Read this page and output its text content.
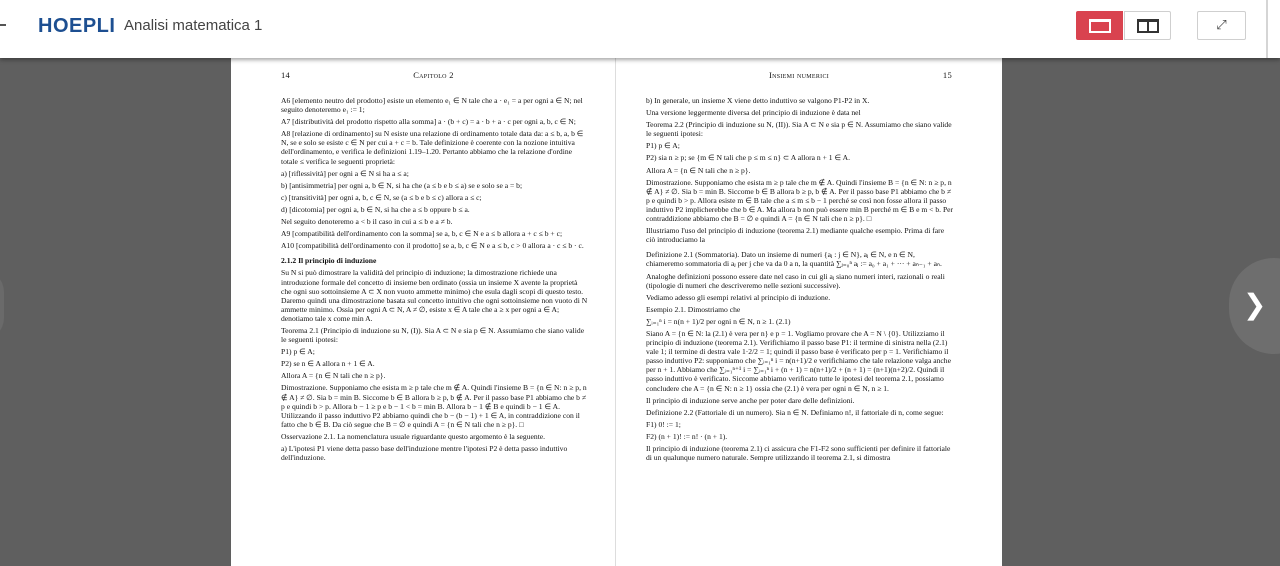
HOEPLI Analisi matematica 1	⤢
14	Capitolo 2

A6 [elemento neutro del prodotto] esiste un elemento e₁ ∈ N tale che a · e₁ = a per ogni a ∈ N; nel seguito denoteremo e₁ := 1;

A7 [distributività del prodotto rispetto alla somma] a · (b + c) = a · b + a · c per ogni a, b, c ∈ N;

A8 [relazione di ordinamento] su N esiste una relazione di ordinamento totale data da: a ≤ b, a, b ∈ N, se e solo se esiste c ∈ N per cui a + c = b. Tale definizione è coerente con la nozione intuitiva dell'ordinamento, e verifica le definizioni 1.19–1.20. Pertanto abbiamo che la relazione d'ordine totale ≤ verifica le seguenti proprietà:

a) [riflessività] per ogni a ∈ N si ha a ≤ a;

b) [antisimmetria] per ogni a, b ∈ N, si ha che (a ≤ b e b ≤ a) se e solo se a = b;

c) [transitività] per ogni a, b, c ∈ N, se (a ≤ b e b ≤ c) allora a ≤ c;

d) [dicotomia] per ogni a, b ∈ N, si ha che a ≤ b oppure b ≤ a.

Nel seguito denoteremo a < b il caso in cui a ≤ b e a ≠ b.

A9 [compatibilità dell'ordinamento con la somma] se a, b, c ∈ N e a ≤ b allora a + c ≤ b + c;

A10 [compatibilità dell'ordinamento con il prodotto] se a, b, c ∈ N e a ≤ b, c > 0 allora a · c ≤ b · c.

2.1.2 Il principio di induzione

Su N si può dimostrare la validità del principio di induzione; la dimostrazione richiede una introduzione formale del concetto di insieme ben ordinato (ossia un insieme X avente la proprietà che ogni suo sottoinsieme A ⊂ X non vuoto ammette minimo) che esula dagli scopi di questo testo. Daremo quindi una dimostrazione basata sul concetto intuitivo che ogni sottoinsieme non vuoto di N ammette minimo. Ossia per ogni A ⊂ N, A ≠ ∅, esiste x ∈ A tale che a ≥ x per ogni a ∈ A; denotiamo tale x come min A.

Teorema 2.1 (Principio di induzione su N, (I)). Sia A ⊂ N e sia p ∈ N. Assumiamo che siano valide le seguenti ipotesi:

P1) p ∈ A;

P2) se n ∈ A allora n + 1 ∈ A.

Allora A = {n ∈ N tali che n ≥ p}.

Dimostrazione. Supponiamo che esista m ≥ p tale che m ∉ A. Quindi l'insieme B = {n ∈ N: n ≥ p, n ∉ A} ≠ ∅. Sia b = min B. Siccome b ∈ B allora b ≥ p, b ∉ A. Per il passo base P1 abbiamo che b ≠ p e quindi b > p. Allora b − 1 ≥ p e b − 1 < b = min B. Allora b − 1 ∉ B e quindi b − 1 ∈ A. Utilizzando il passo induttivo P2 abbiamo quindi che b − (b − 1) + 1 ∈ A, in contraddizione con il fatto che b ∈ B. Da ciò segue che B = ∅ e quindi A = {n ∈ N tali che n ≥ p}. □

Osservazione 2.1. La nomenclatura usuale riguardante questo argomento è la seguente.

a) L'ipotesi P1 viene detta passo base dell'induzione mentre l'ipotesi P2 è detta passo induttivo dell'induzione.

Insiemi numerici	15

b) In generale, un insieme X viene detto induttivo se valgono P1-P2 in X.

Una versione leggermente diversa del principio di induzione è data nel

Teorema 2.2 (Principio di induzione su N, (II)). Sia A ⊂ N e sia p ∈ N. Assumiamo che siano valide le seguenti ipotesi:

P1) p ∈ A;

P2) sia n ≥ p; se {m ∈ N tali che p ≤ m ≤ n} ⊂ A allora n + 1 ∈ A.

Allora A = {n ∈ N tali che n ≥ p}.

Dimostrazione. Supponiamo che esista m ≥ p tale che m ∉ A. Quindi l'insieme B = {n ∈ N: n ≥ p, n ∉ A} ≠ ∅. Sia b = min B. Siccome b ∈ B allora b ≥ p, b ∉ A. Per il passo base P1 abbiamo che b ≠ p e quindi b > p. Allora esiste m ∈ B tale che a ≤ m ≤ b − 1 perché se così non fosse allora il passo induttivo P2 implicherebbe che b ∈ A. Ma allora b non può essere min B perché m ∈ B e m < b. Per contraddizione abbiamo che B = ∅ e quindi A = {n ∈ N tali che n ≥ p}. □

Illustriamo l'uso del principio di induzione (teorema 2.1) mediante qualche esempio. Prima di fare ciò introduciamo la

Definizione 2.1 (Sommatoria). Dato un insieme di numeri {aⱼ : j ∈ N}, aⱼ ∈ N, e n ∈ N, chiameremo sommatoria di aⱼ per j che va da 0 a n, la quantità ∑ⱼ₌₀ⁿ aⱼ := a₀ + a₁ + ··· + aₙ₋₁ + aₙ.

Analoghe definizioni possono essere date nel caso in cui gli aⱼ siano numeri interi, razionali o reali (tipologie di numeri che descriveremo nelle sezioni successive).

Vediamo adesso gli esempi relativi al principio di induzione.

Esempio 2.1. Dimostriamo che

∑ᵢ₌₁ⁿ i = n(n + 1)/2 per ogni n ∈ N, n ≥ 1. (2.1)

Siano A = {n ∈ N: la (2.1) è vera per n} e p = 1. Vogliamo provare che A = N \ {0}. Utilizziamo il principio di induzione (teorema 2.1). Verifichiamo il passo base P1: il termine di sinistra nella (2.1) vale 1; il termine di destra vale 1·2/2 = 1; quindi il passo base è verificato per p = 1. Verifichiamo il passo induttivo P2: supponiamo che ∑ᵢ₌₁ⁿ i = n(n+1)/2 e verifichiamo che tale relazione valga anche per n + 1. Abbiamo che ∑ᵢ₌₁ⁿ⁺¹ i = ∑ᵢ₌₁ⁿ i + (n + 1) = n(n+1)/2 + (n + 1) = (n+1)(n+2)/2. Quindi il passo induttivo è verificato. Siccome abbiamo verificato tutte le ipotesi del teorema 2.1, possiamo concludere che A = {n ∈ N: n ≥ 1} ossia che (2.1) è vera per ogni n ∈ N, n ≥ 1.

Il principio di induzione serve anche per poter dare delle definizioni.

Definizione 2.2 (Fattoriale di un numero). Sia n ∈ N. Definiamo n!, il fattoriale di n, come segue:

F1) 0! := 1;

F2) (n + 1)! := n! · (n + 1).

Il principio di induzione (teorema 2.1) ci assicura che F1-F2 sono sufficienti per definire il fattoriale di un qualunque numero naturale. Sempre utilizzando il teorema 2.1, si dimostra

❯
